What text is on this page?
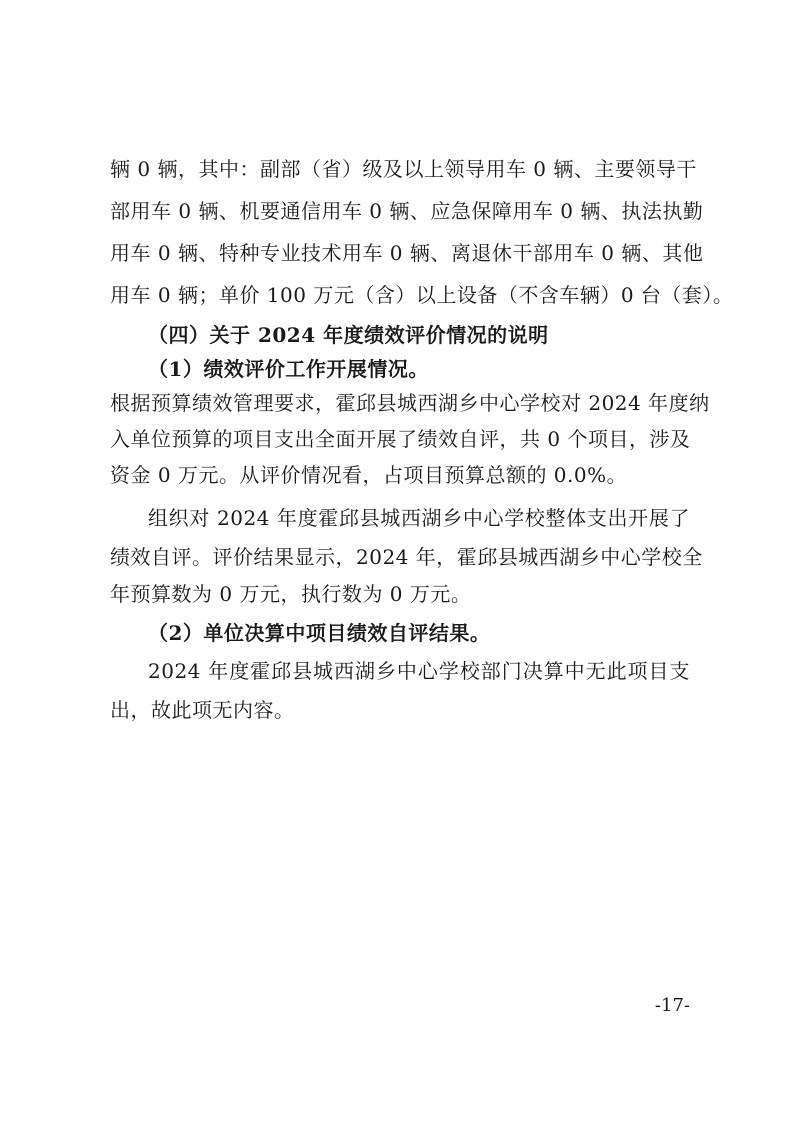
辆 0 辆，其中：副部（省）级及以上领导用车 0 辆、主要领导干
部用车 0 辆、机要通信用车 0 辆、应急保障用车 0 辆、执法执勤
用车 0 辆、特种专业技术用车 0 辆、离退休干部用车 0 辆、其他
用车 0 辆；单价 100 万元（含）以上设备（不含车辆）0 台（套）。
（四）关于 2024 年度绩效评价情况的说明
（1）绩效评价工作开展情况。
根据预算绩效管理要求，霍邱县城西湖乡中心学校对 2024 年度纳
入单位预算的项目支出全面开展了绩效自评，共 0 个项目，涉及
资金 0 万元。从评价情况看，占项目预算总额的 0.0%。
组织对 2024 年度霍邱县城西湖乡中心学校整体支出开展了
绩效自评。评价结果显示，2024 年，霍邱县城西湖乡中心学校全
年预算数为 0 万元，执行数为 0 万元。
（2）单位决算中项目绩效自评结果。
2024 年度霍邱县城西湖乡中心学校部门决算中无此项目支
出，故此项无内容。
-17-
